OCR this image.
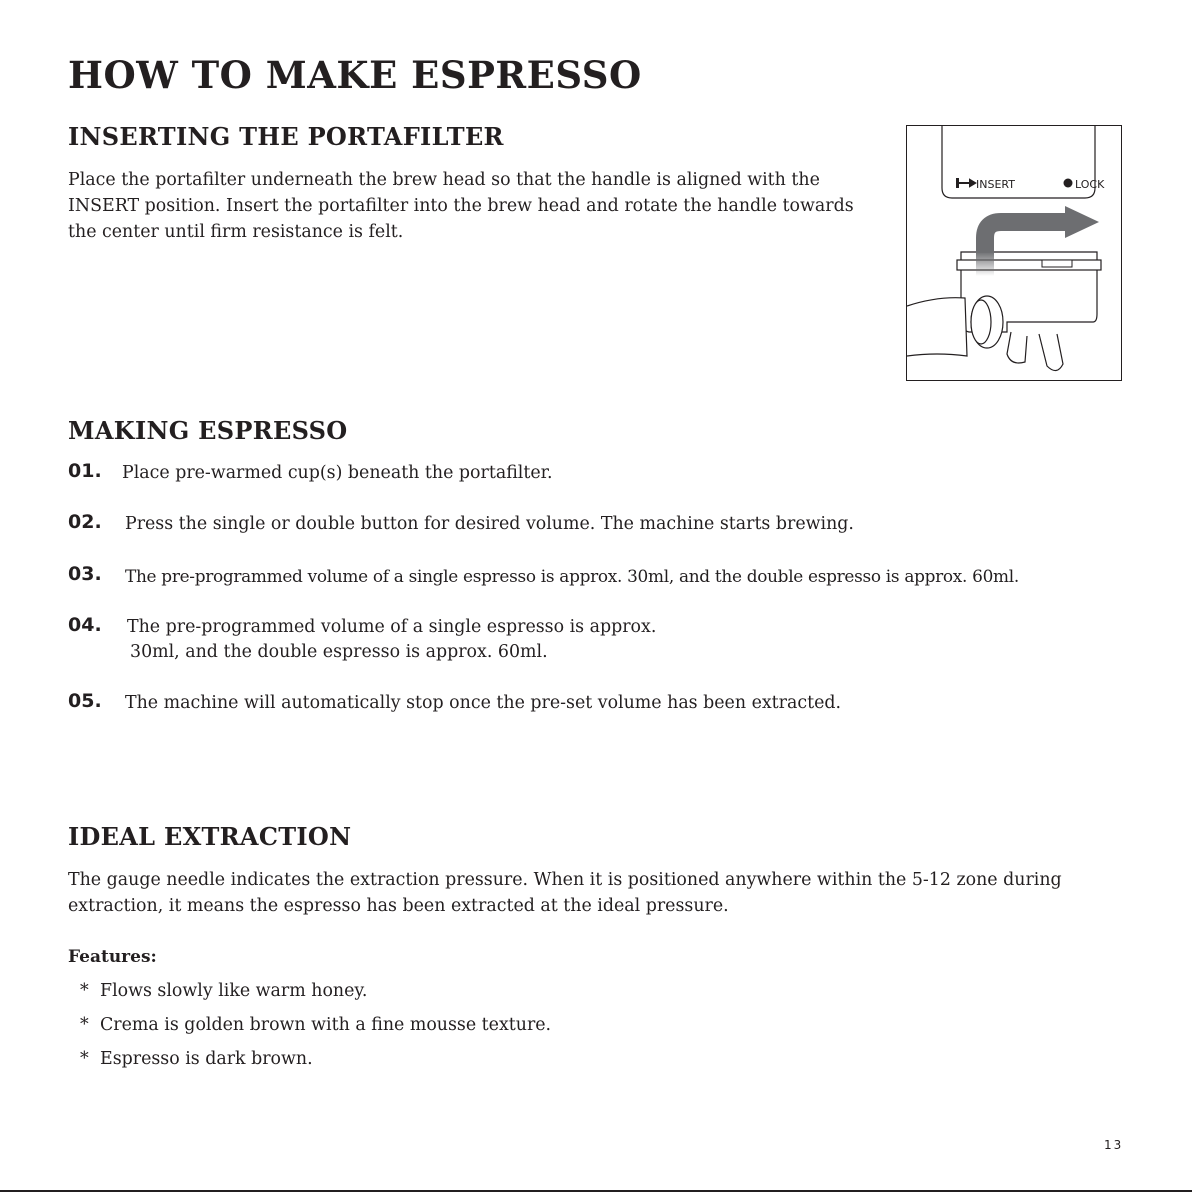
HOW TO MAKE ESPRESSO
INSERTING THE PORTAFILTER

Place the portafilter underneath the brew head so that the handle is aligned with the
INSERT position. Insert the portafilter into the brew head and rotate the handle towards
the center until firm resistance is felt.

INSERT	LOCK
MAKING ESPRESSO
01. Place pre-warmed cup(s) beneath the portafilter.
02. Press the single or double button for desired volume. The machine starts brewing.
03. The pre-programmed volume of a single espresso is approx. 30ml, and the double espresso is approx. 60ml.
04. The pre-programmed volume of a single espresso is approx.
30ml, and the double espresso is approx. 60ml.
05. The machine will automatically stop once the pre-set volume has been extracted.
IDEAL EXTRACTION

The gauge needle indicates the extraction pressure. When it is positioned anywhere within the 5-12 zone during
extraction, it means the espresso has been extracted at the ideal pressure.

Features:
* Flows slowly like warm honey.
* Crema is golden brown with a fine mousse texture.
* Espresso is dark brown.
13
